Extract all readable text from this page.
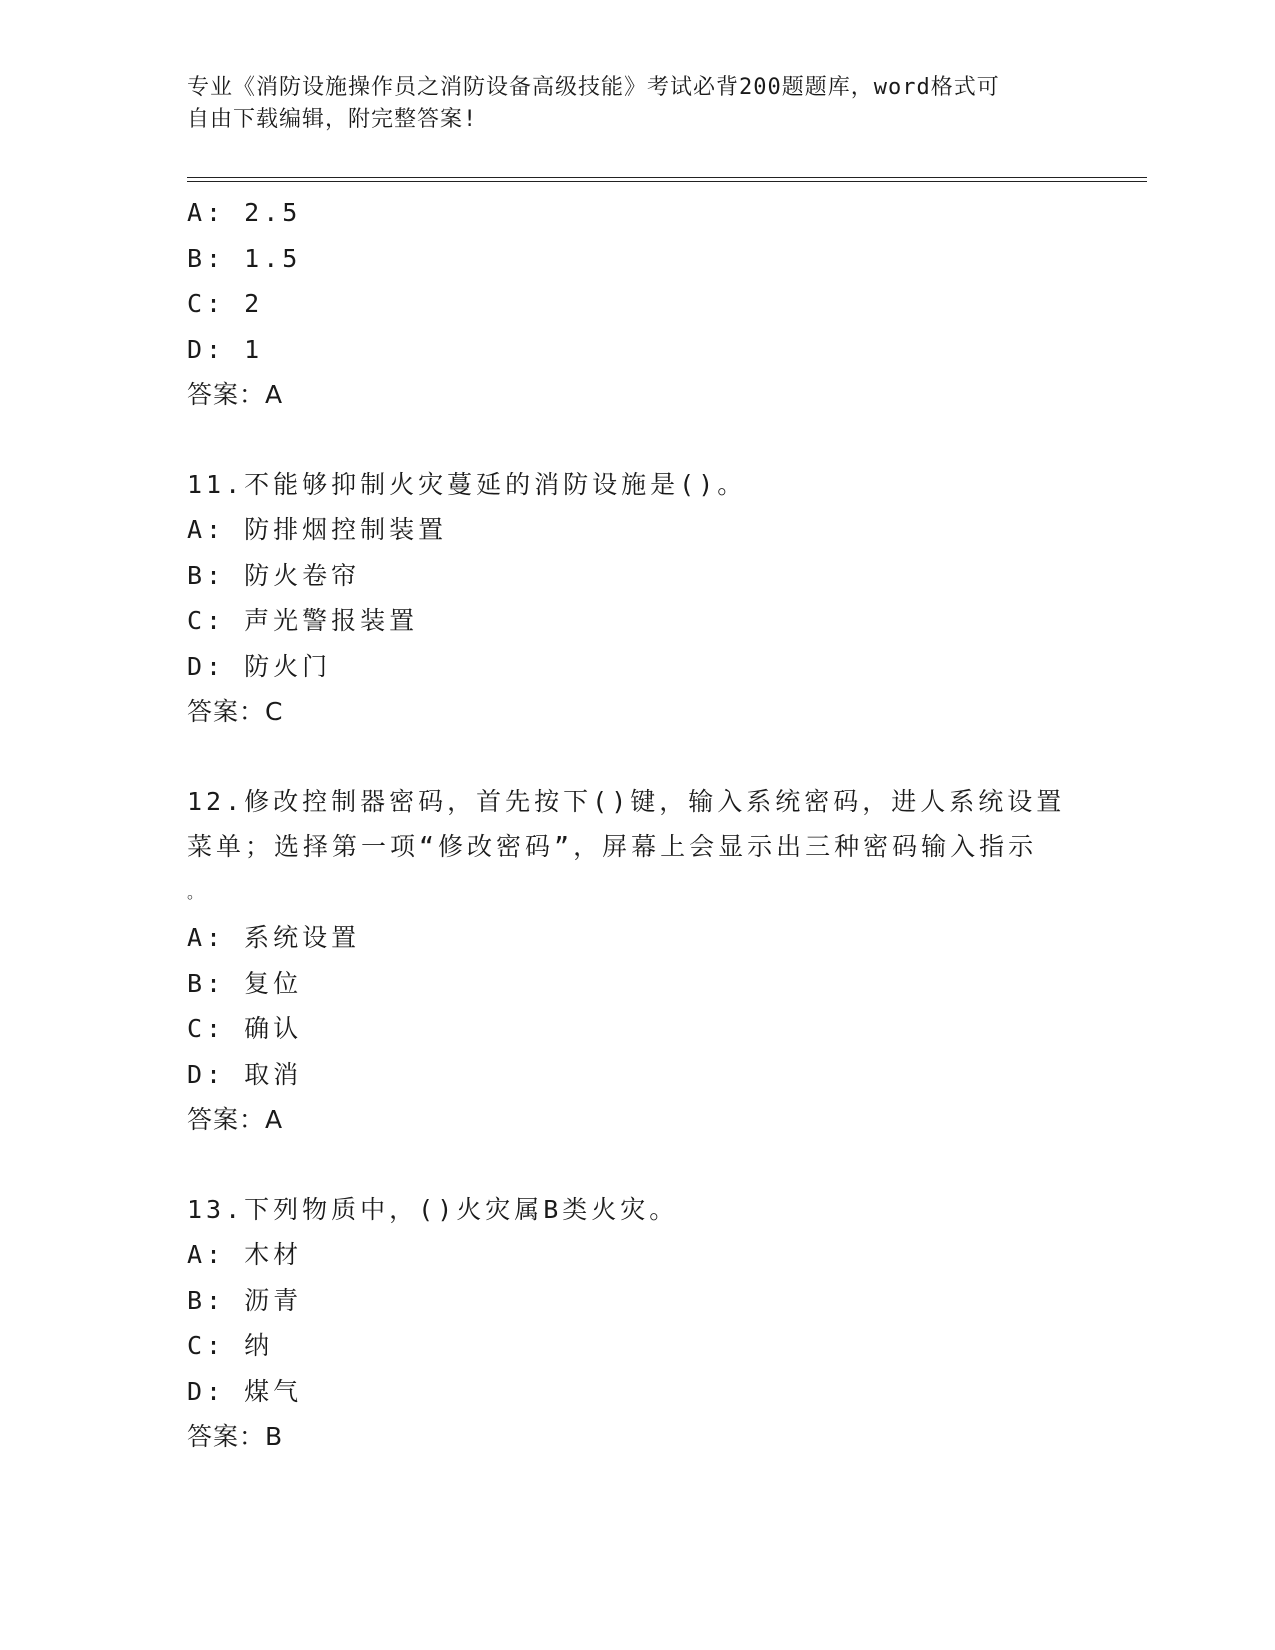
专业《消防设施操作员之消防设备高级技能》考试必背200题题库，word格式可
自由下载编辑，附完整答案!
A: 2.5
B: 1.5
C: 2
D: 1
答案：A
11.不能够抑制火灾蔓延的消防设施是()。
A: 防排烟控制装置
B: 防火卷帘
C: 声光警报装置
D: 防火门
答案：C
12.修改控制器密码，首先按下()键，输入系统密码，进人系统设置
菜单；选择第一项“修改密码”，屏幕上会显示出三种密码输入指示
。
A: 系统设置
B: 复位
C: 确认
D: 取消
答案：A
13.下列物质中，()火灾属B类火灾。
A: 木材
B: 沥青
C: 纳
D: 煤气
答案：B
